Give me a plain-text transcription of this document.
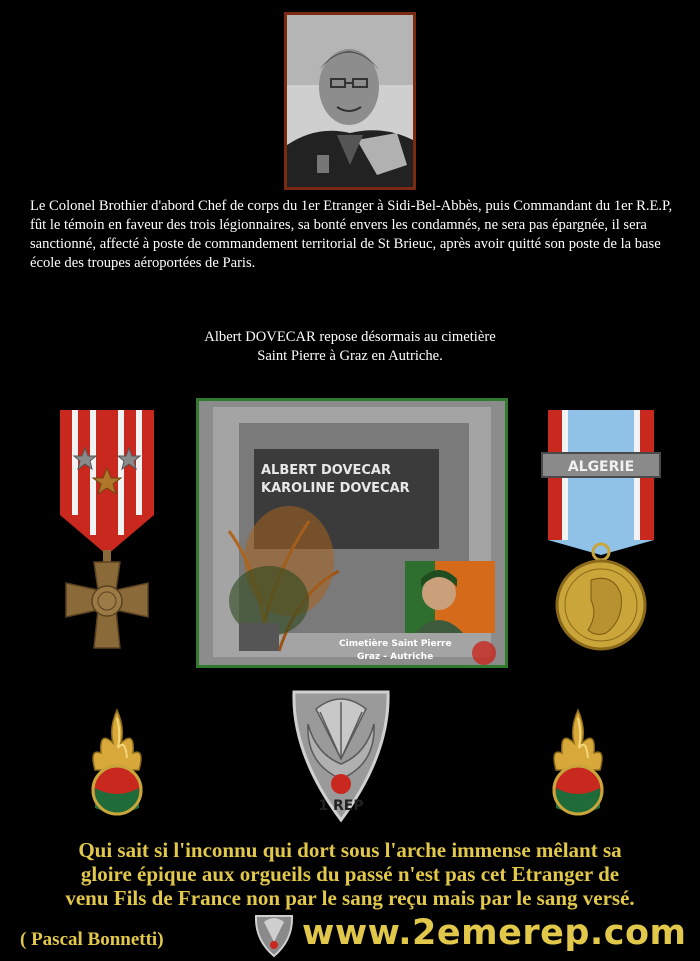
Le Colonel Brothier d'abord Chef de corps du 1er Etranger à Sidi-Bel-Abbès, puis Commandant du 1er R.E.P, fût le témoin en faveur des trois légionnaires, sa bonté envers les condamnés, ne sera pas épargnée, il sera sanctionné, affecté à poste de commandement territorial de St Brieuc, après avoir quitté son poste de la base école des troupes aéroportées de Paris.
Albert DOVECAR repose désormais au cimetière
Saint Pierre à Graz en Autriche.
ALBERT DOVECAR
KAROLINE DOVECAR
Cimetière Saint Pierre
Graz - Autriche
ALGERIE
1 REP
Qui sait si l'inconnu qui dort sous l'arche immense mêlant sa
gloire épique aux orgueils du passé n'est pas cet Etranger de
venu Fils de France non par le sang reçu mais par le sang versé.
( Pascal Bonnetti)	www.2emerep.com
